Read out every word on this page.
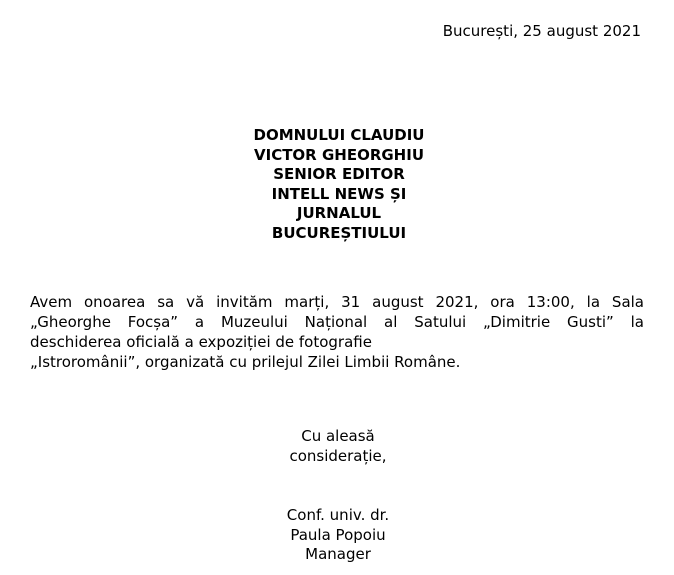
București, 25 august 2021
DOMNULUI CLAUDIU
VICTOR GHEORGHIU
SENIOR EDITOR
INTELL NEWS ȘI
JURNALUL
BUCUREȘTIULUI
Avem onoarea sa vă invităm marți, 31 august 2021, ora 13:00, la Sala
„Gheorghe Focșa” a Muzeului Național al Satului „Dimitrie Gusti” la
deschiderea oficială a expoziției de fotografie
„Istroromânii”, organizată cu prilejul Zilei Limbii Române.
Cu aleasă
considerație,
Conf. univ. dr.
Paula Popoiu
Manager
